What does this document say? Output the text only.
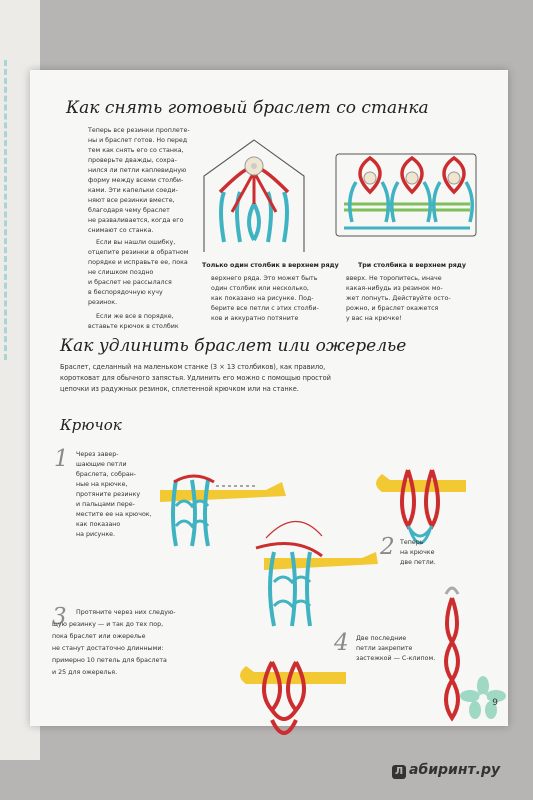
Как снять готовый браслет со станка
Теперь все резинки проплете-
ны и браслет готов. Но перед
тем как снять его со станка,
проверьте дважды, сохра-
нился ли петли каплевидную
форму между всеми столби-
ками. Эти капельки соеди-
няют все резинки вместе,
благодаря чему браслет
не разваливается, когда его
снимают со станка.
Если вы нашли ошибку,
отцепите резинки в обратном
порядке и исправьте ее, пока
не слишком поздно
и браслет не рассылался
в беспорядочную кучу
резинок.
Если же все в порядке,
вставьте крючок в столбик
Только один столбик в верхнем ряду	Три столбика в верхнем ряду
верхнего ряда. Это может быть
один столбик или несколько,
как показано на рисунке. Под-
берите все петли с этих столби-
ков и аккуратно потяните
вверх. Не торопитесь, иначе
какая-нибудь из резинок мо-
жет лопнуть. Действуйте осто-
рожно, и браслет окажется
у вас на крючке!
Как удлинить браслет или ожерелье
Браслет, сделанный на маленьком станке (3 × 13 столбиков), как правило,
коротковат для обычного запястья. Удлинить его можно с помощью простой
цепочки из радужных резинок, сплетенной крючком или на станке.
Крючок
1 Через завер-
шающие петли
браслета, собран-
ные на крючке,
протяните резинку
и пальцами пере-
местите ее на крючок,
как показано
на рисунке.	2 Теперь
на крючке
две петли.
3 Протяните через них следую-
щую резинку — и так до тех пор,
пока браслет или ожерелье
не станут достаточно длинными:
примерно 10 петель для браслета
и 25 для ожерелья.
4 Две последние
петли закрепите
застежкой — С-клипом.
9
Л абиринт.ру
